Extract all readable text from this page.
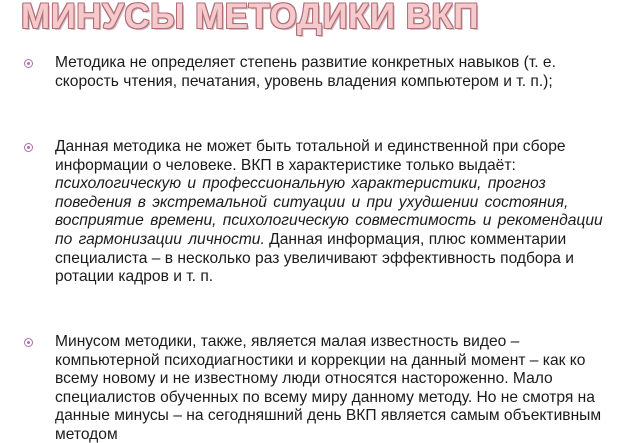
МИНУСЫ МЕТОДИКИ ВКП
Методика не определяет степень развитие конкретных навыков (т. е. скорость чтения, печатания, уровень владения компьютером и т. п.);
Данная методика не может быть тотальной и единственной при сборе информации о человеке. ВКП в характеристике только выдаёт: психологическую и профессиональную характеристики, прогноз поведения в экстремальной ситуации и при ухудшении состояния, восприятие времени, психологическую совместимость и рекомендации по гармонизации личности. Данная информация, плюс комментарии специалиста – в несколько раз увеличивают эффективность подбора и ротации кадров и т. п.
Минусом методики, также, является малая известность видео – компьютерной психодиагностики и коррекции на данный момент – как ко всему новому и не известному люди относятся настороженно. Мало специалистов обученных по всему миру данному методу. Но не смотря на данные минусы – на сегодняшний день ВКП является самым объективным методом
